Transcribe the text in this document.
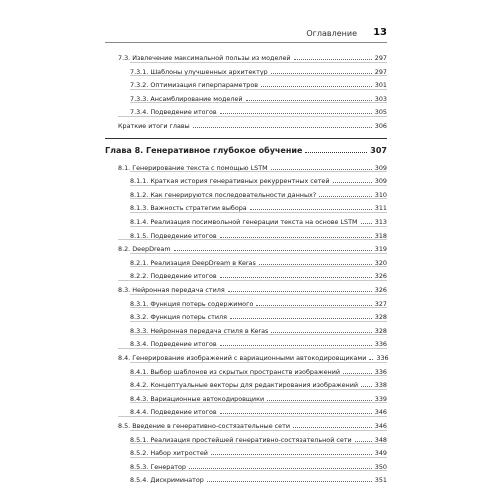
Оглавление 13
7.3. Извлечение максимальной пользы из моделей	297
7.3.1. Шаблоны улучшенных архитектур	297
7.3.2. Оптимизация гиперпараметров	301
7.3.3. Ансамблирование моделей	303
7.3.4. Подведение итогов	305
Краткие итоги главы	306
Глава 8. Генеративное глубокое обучение	307
8.1. Генерирование текста с помощью LSTM	309
8.1.1. Краткая история генеративных рекуррентных сетей	309
8.1.2. Как генерируются последовательности данных?	310
8.1.3. Важность стратегии выбора	311
8.1.4. Реализация посимвольной генерации текста на основе LSTM	313
8.1.5. Подведение итогов	318
8.2. DeepDream	319
8.2.1. Реализация DeepDream в Keras	320
8.2.2. Подведение итогов	326
8.3. Нейронная передача стиля	326
8.3.1. Функция потерь содержимого	327
8.3.2. Функция потерь стиля	328
8.3.3. Нейронная передача стиля в Keras	328
8.3.4. Подведение итогов	336
8.4. Генерирование изображений с вариационными автокодировщиками 336
8.4.1. Выбор шаблонов из скрытых пространств изображений	336
8.4.2. Концептуальные векторы для редактирования изображений	338
8.4.3. Вариационные автокодировщики	339
8.4.4. Подведение итогов	346
8.5. Введение в генеративно-состязательные сети	346
8.5.1. Реализация простейшей генеративно-состязательной сети	348
8.5.2. Набор хитростей	349
8.5.3. Генератор	350
8.5.4. Дискриминатор	351
